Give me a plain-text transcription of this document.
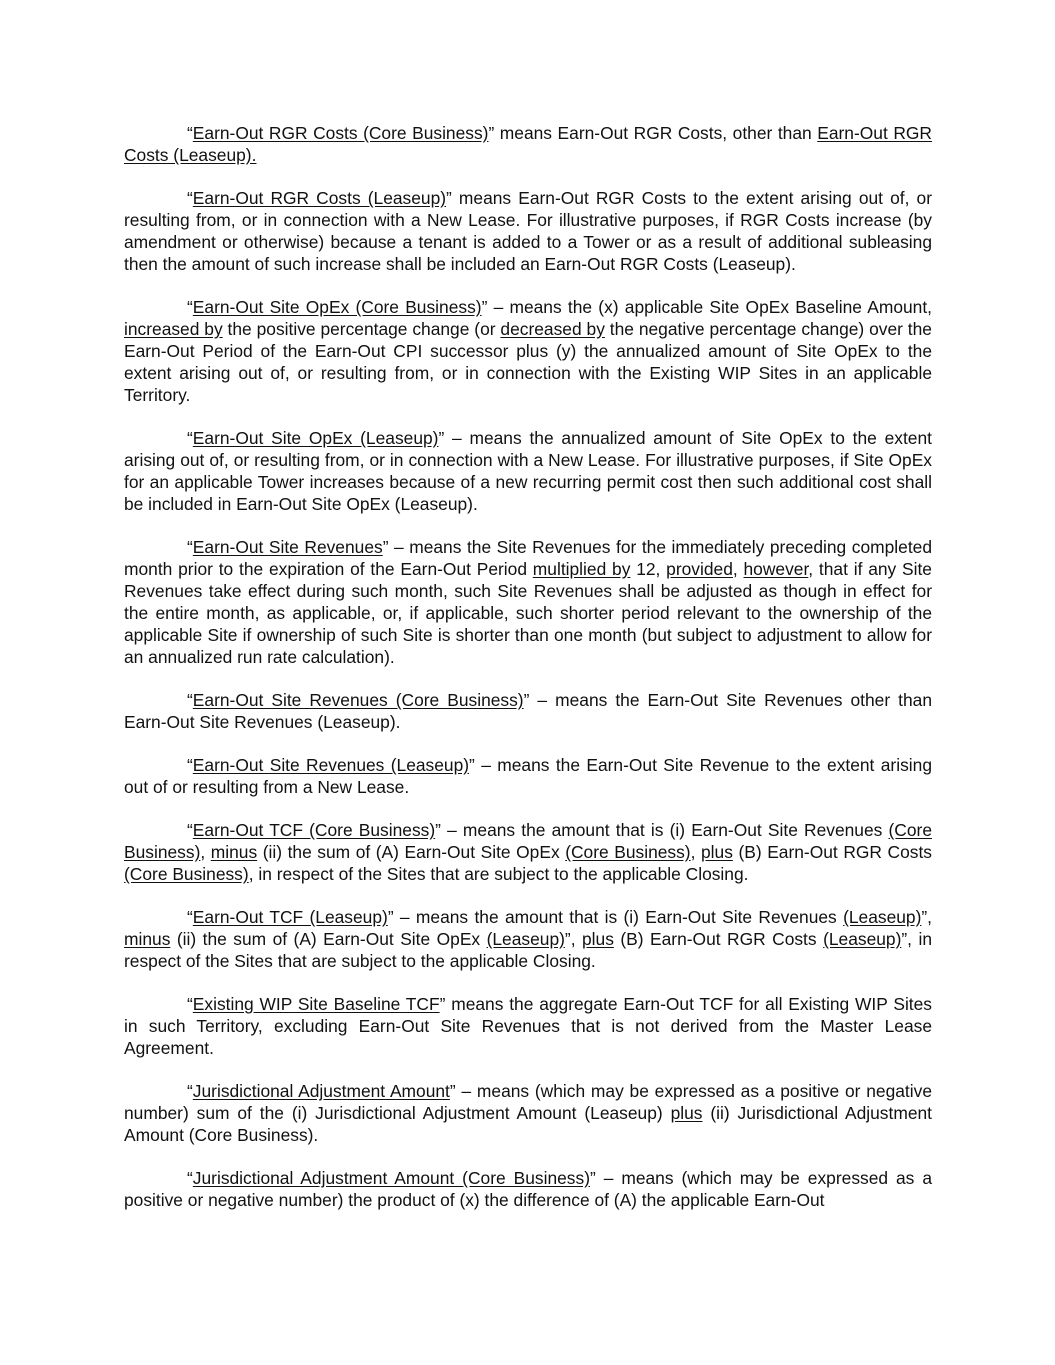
“Earn-Out RGR Costs (Core Business)” means Earn-Out RGR Costs, other than Earn-Out RGR Costs (Leaseup).

“Earn-Out RGR Costs (Leaseup)” means Earn-Out RGR Costs to the extent arising out of, or resulting from, or in connection with a New Lease. For illustrative purposes, if RGR Costs increase (by amendment or otherwise) because a tenant is added to a Tower or as a result of additional subleasing then the amount of such increase shall be included an Earn-Out RGR Costs (Leaseup).

“Earn-Out Site OpEx (Core Business)” – means the (x) applicable Site OpEx Baseline Amount, increased by the positive percentage change (or decreased by the negative percentage change) over the Earn-Out Period of the Earn-Out CPI successor plus (y) the annualized amount of Site OpEx to the extent arising out of, or resulting from, or in connection with the Existing WIP Sites in an applicable Territory.

“Earn-Out Site OpEx (Leaseup)” – means the annualized amount of Site OpEx to the extent arising out of, or resulting from, or in connection with a New Lease. For illustrative purposes, if Site OpEx for an applicable Tower increases because of a new recurring permit cost then such additional cost shall be included in Earn-Out Site OpEx (Leaseup).

“Earn-Out Site Revenues” – means the Site Revenues for the immediately preceding completed month prior to the expiration of the Earn-Out Period multiplied by 12, provided, however, that if any Site Revenues take effect during such month, such Site Revenues shall be adjusted as though in effect for the entire month, as applicable, or, if applicable, such shorter period relevant to the ownership of the applicable Site if ownership of such Site is shorter than one month (but subject to adjustment to allow for an annualized run rate calculation).

“Earn-Out Site Revenues (Core Business)” – means the Earn-Out Site Revenues other than Earn-Out Site Revenues (Leaseup).

“Earn-Out Site Revenues (Leaseup)” – means the Earn-Out Site Revenue to the extent arising out of or resulting from a New Lease.

“Earn-Out TCF (Core Business)” – means the amount that is (i) Earn-Out Site Revenues (Core Business), minus (ii) the sum of (A) Earn-Out Site OpEx (Core Business), plus (B) Earn-Out RGR Costs (Core Business), in respect of the Sites that are subject to the applicable Closing.

“Earn-Out TCF (Leaseup)” – means the amount that is (i) Earn-Out Site Revenues (Leaseup)”, minus (ii) the sum of (A) Earn-Out Site OpEx (Leaseup)”, plus (B) Earn-Out RGR Costs (Leaseup)”, in respect of the Sites that are subject to the applicable Closing.

“Existing WIP Site Baseline TCF” means the aggregate Earn-Out TCF for all Existing WIP Sites in such Territory, excluding Earn-Out Site Revenues that is not derived from the Master Lease Agreement.

“Jurisdictional Adjustment Amount” – means (which may be expressed as a positive or negative number) sum of the (i) Jurisdictional Adjustment Amount (Leaseup) plus (ii) Jurisdictional Adjustment Amount (Core Business).

“Jurisdictional Adjustment Amount (Core Business)” – means (which may be expressed as a positive or negative number) the product of (x) the difference of (A) the applicable Earn-Out
